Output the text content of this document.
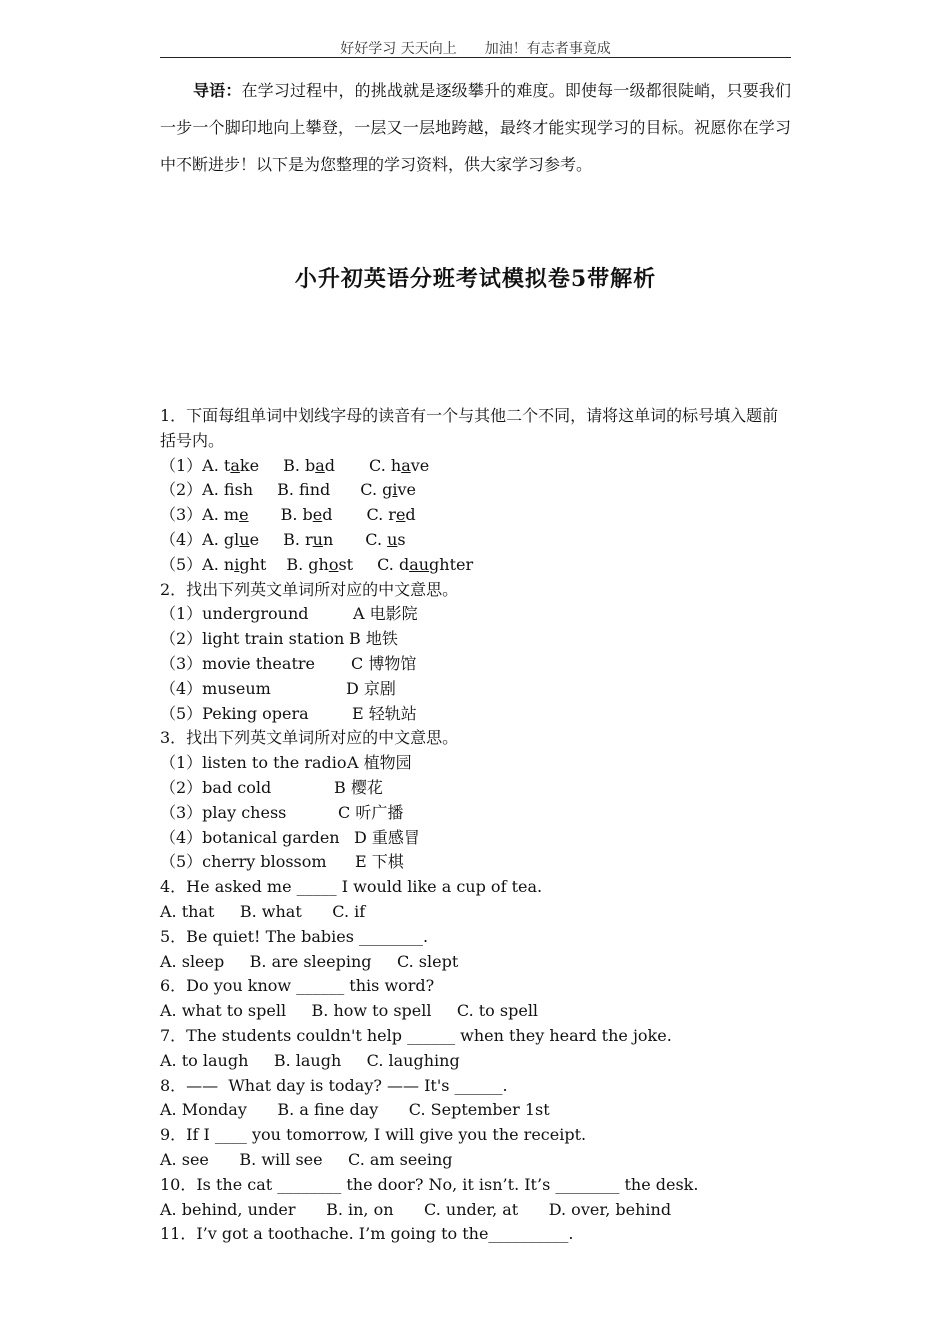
好好学习 天天向上　　加油！有志者事竟成
导语：在学习过程中，的挑战就是逐级攀升的难度。即使每一级都很陡峭，只要我们一步一个脚印地向上攀登，一层又一层地跨越，最终才能实现学习的目标。祝愿你在学习中不断进步！以下是为您整理的学习资料，供大家学习参考。
小升初英语分班考试模拟卷5带解析
1．下面每组单词中划线字母的读音有一个与其他二个不同，请将这单词的标号填入题前括号内。
（1）A. take B. bad C. have
（2）A. fsh B. fnd C. give
（3）A. me B. bed C. red
（4）A. glue B. run C. us
（5）A. night B. ghost C. daughter
2．找出下列英文单词所对应的中文意思。
（1）underground	A 电影院
（2）light train station B 地铁
（3）movie theatre C 博物馆
（4）museum	D 京剧
（5）Peking opera	E 轻轨站
3．找出下列英文单词所对应的中文意思。
（1）listen to the radio A 植物园
（2）bad cold	B 樱花
（3）play chess	C 听广播
（4）botanical garden D 重感冒
（5）cherry blossom E 下棋
4．He asked me _____ I would like a cup of tea.
A. that     B. what      C. if
5．Be quiet! The babies ________.
A. sleep     B. are sleeping     C. slept
6．Do you know ______ this word?
A. what to spell     B. how to spell     C. to spell
7．The students couldn't help ______ when they heard the joke.
A. to laugh     B. laugh     C. laughing
8．——  What day is today? —— It's ______.
A. Monday      B. a fine day      C. September 1st
9．If I ____ you tomorrow, I will give you the receipt.
A. see      B. will see     C. am seeing
10．Is the cat ________ the door? No, it isn’t. It’s ________ the desk.
A. behind, under      B. in, on      C. under, at      D. over, behind
11．I’v got a toothache. I’m going to the__________.
